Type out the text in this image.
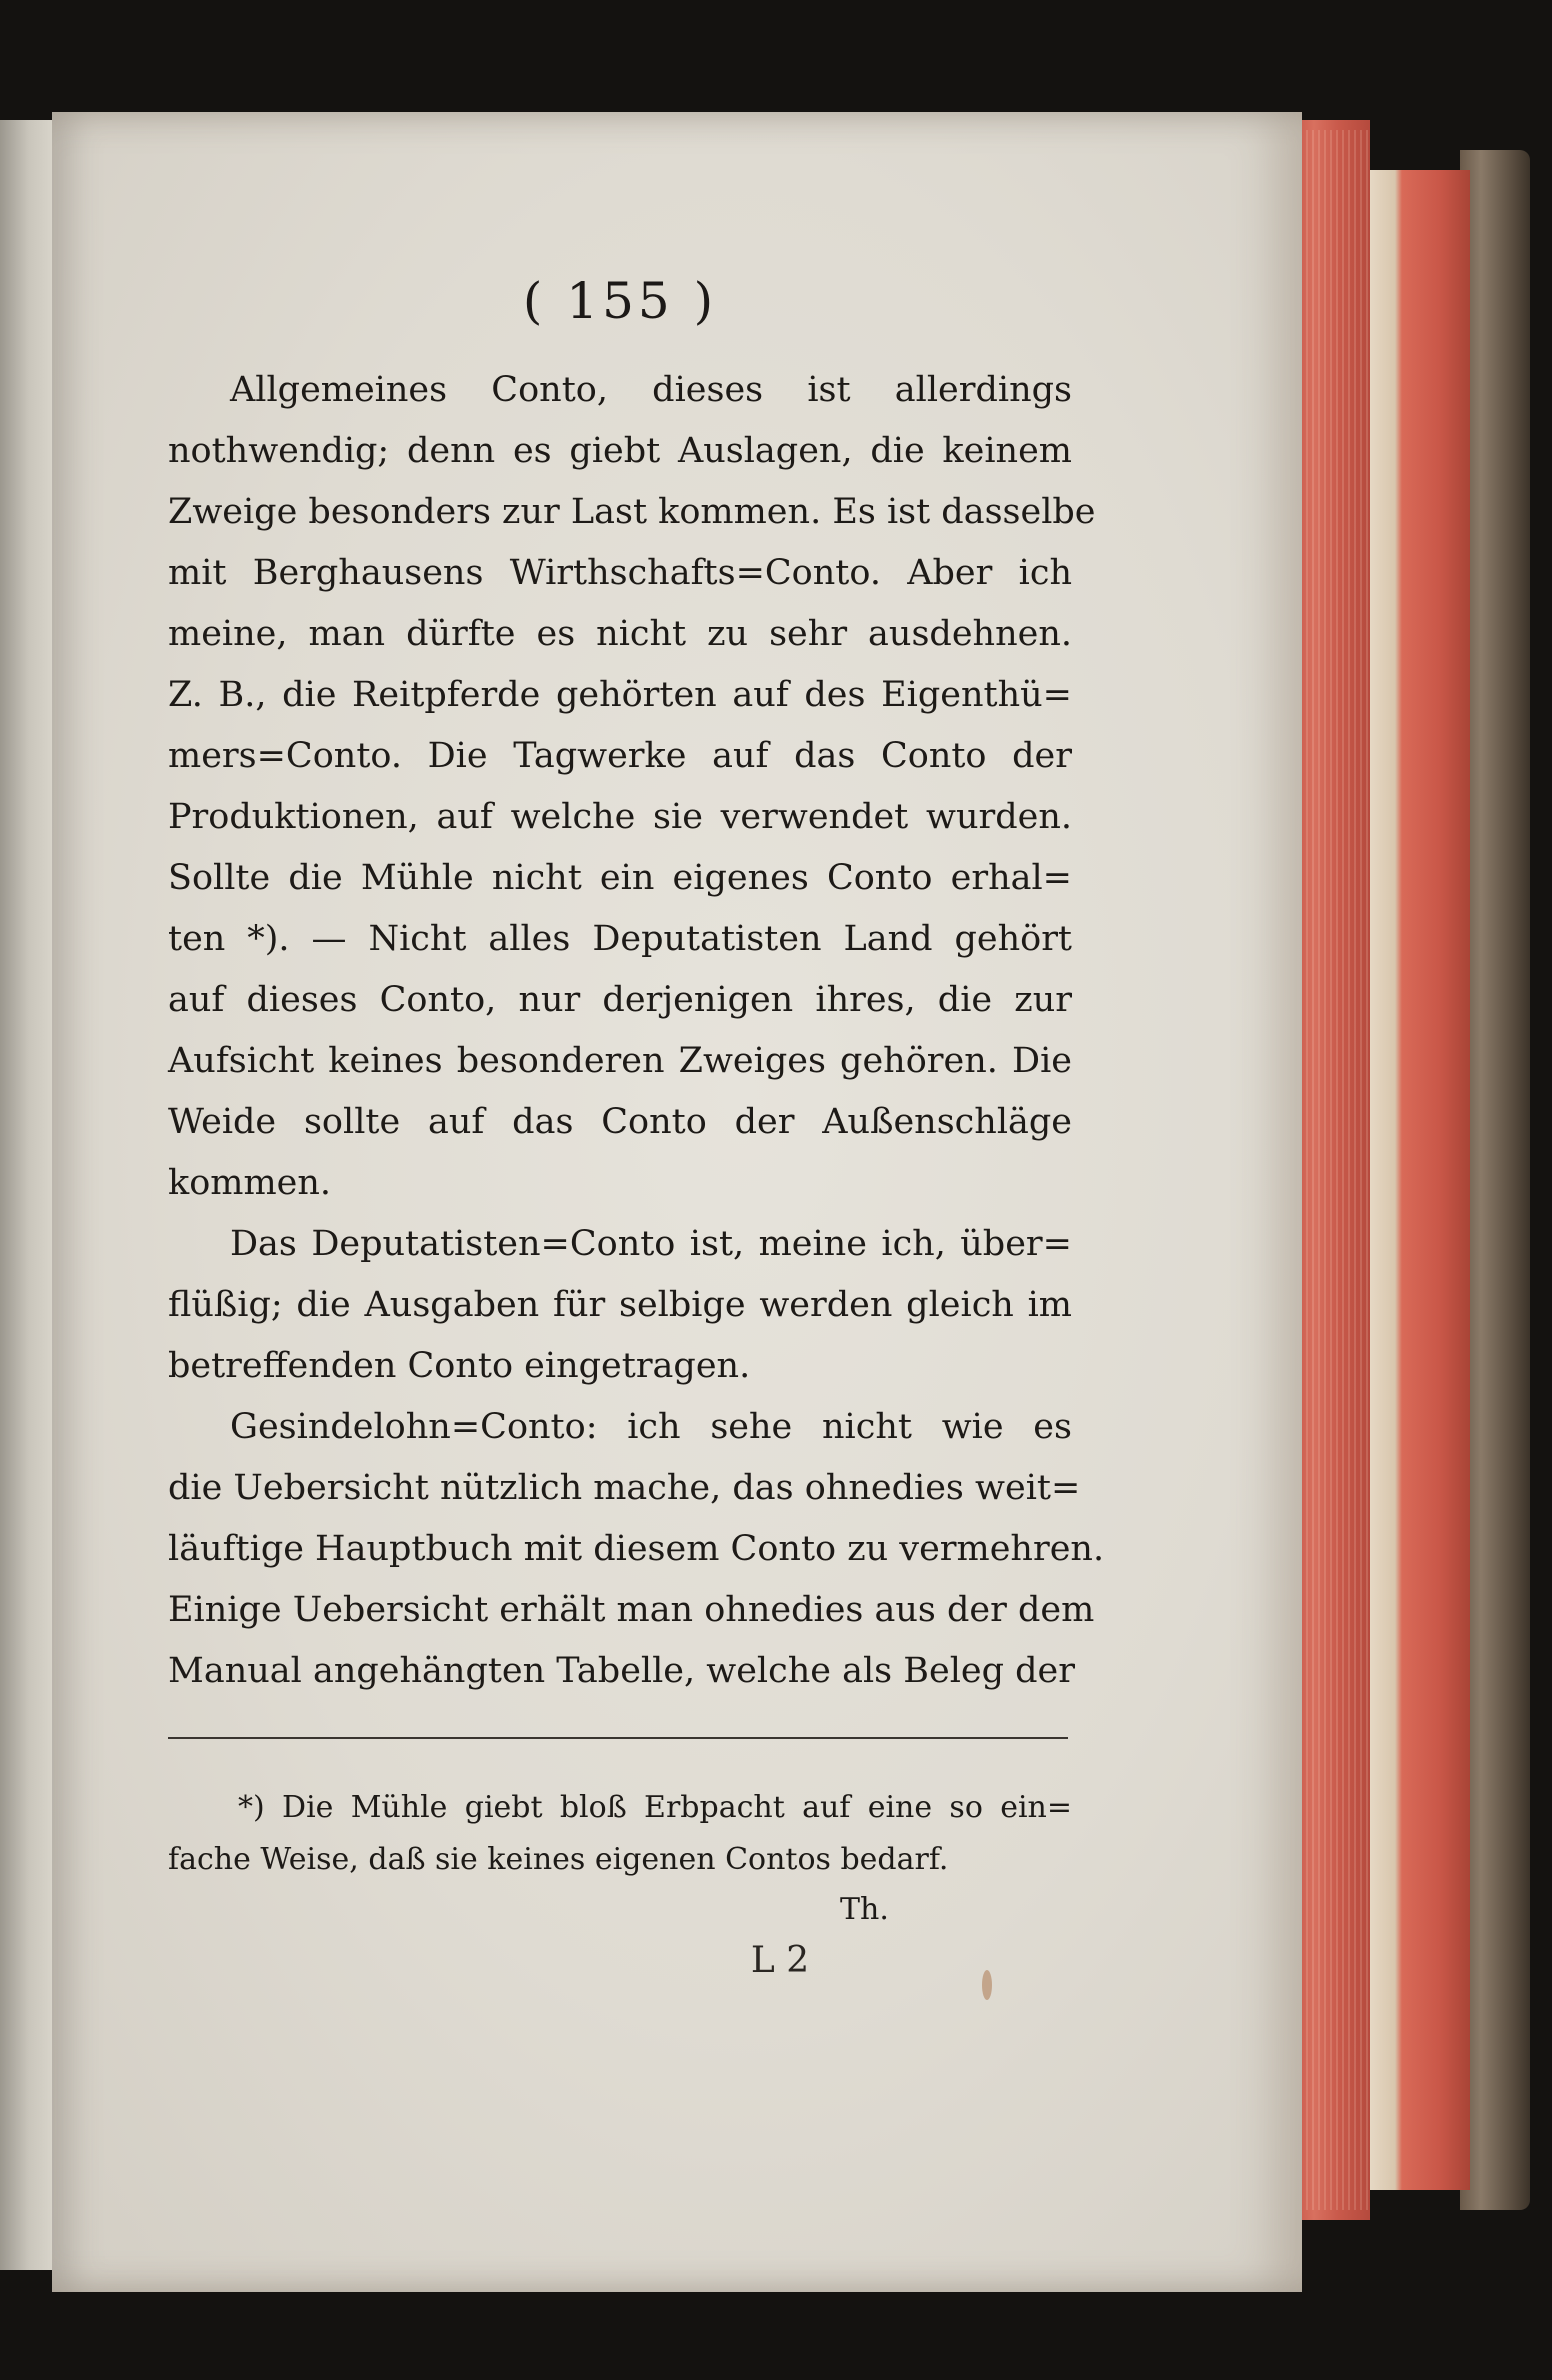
( 155 )
Allgemeines Conto, dieses ist allerdings
nothwendig; denn es giebt Auslagen, die keinem
Zweige besonders zur Last kommen. Es ist dasselbe
mit Berghausens Wirthschafts=Conto. Aber ich
meine, man dürfte es nicht zu sehr ausdehnen.
Z. B., die Reitpferde gehörten auf des Eigenthü=
mers=Conto. Die Tagwerke auf das Conto der
Produktionen, auf welche sie verwendet wurden.
Sollte die Mühle nicht ein eigenes Conto erhal=
ten *). — Nicht alles Deputatisten Land gehört
auf dieses Conto, nur derjenigen ihres, die zur
Aufsicht keines besonderen Zweiges gehören. Die
Weide sollte auf das Conto der Außenschläge
kommen.
Das Deputatisten=Conto ist, meine ich, über=
flüßig; die Ausgaben für selbige werden gleich im
betreffenden Conto eingetragen.
Gesindelohn=Conto: ich sehe nicht wie es
die Uebersicht nützlich mache, das ohnedies weit=
läuftige Hauptbuch mit diesem Conto zu vermehren.
Einige Uebersicht erhält man ohnedies aus der dem
Manual angehängten Tabelle, welche als Beleg der
*) Die Mühle giebt bloß Erbpacht auf eine so ein=
fache Weise, daß sie keines eigenen Contos bedarf.
Th.
L 2
